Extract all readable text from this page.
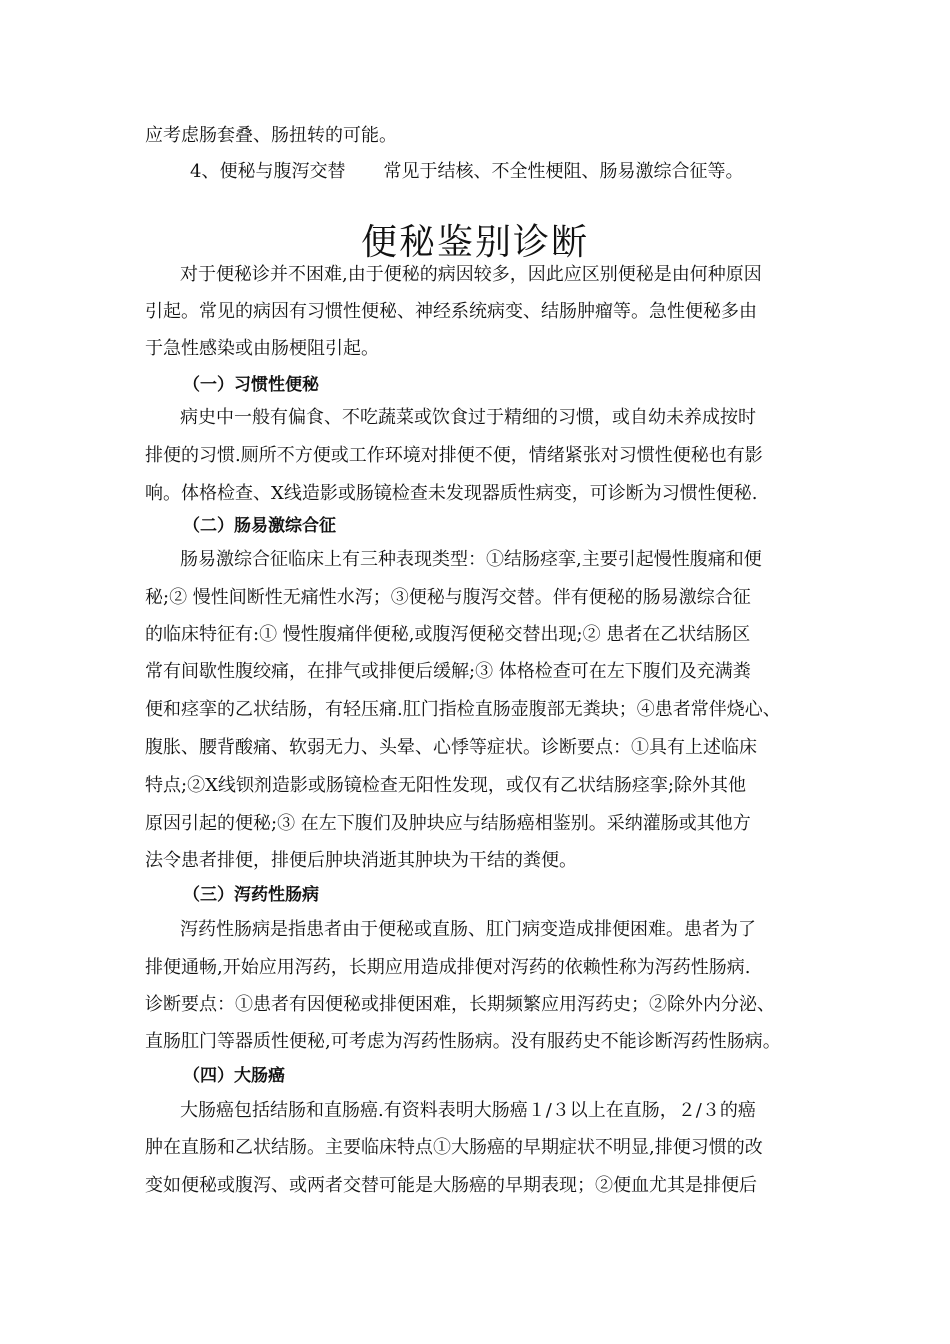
应考虑肠套叠、肠扭转的可能。
4、便秘与腹泻交替 常见于结核、不全性梗阻、肠易激综合征等。
便秘鉴别诊断
对于便秘诊并不困难,由于便秘的病因较多，因此应区别便秘是由何种原因
引起。常见的病因有习惯性便秘、神经系统病变、结肠肿瘤等。急性便秘多由
于急性感染或由肠梗阻引起。
（一）习惯性便秘
病史中一般有偏食、不吃蔬菜或饮食过于精细的习惯，或自幼未养成按时
排便的习惯.厕所不方便或工作环境对排便不便，情绪紧张对习惯性便秘也有影
响。体格检查、X线造影或肠镜检查未发现器质性病变，可诊断为习惯性便秘.
（二）肠易激综合征
肠易激综合征临床上有三种表现类型：①结肠痉挛,主要引起慢性腹痛和便
秘;② 慢性间断性无痛性水泻；③便秘与腹泻交替。伴有便秘的肠易激综合征
的临床特征有:① 慢性腹痛伴便秘,或腹泻便秘交替出现;② 患者在乙状结肠区
常有间歇性腹绞痛，在排气或排便后缓解;③ 体格检查可在左下腹们及充满粪
便和痉挛的乙状结肠，有轻压痛.肛门指检直肠壶腹部无粪块；④患者常伴烧心、
腹胀、腰背酸痛、软弱无力、头晕、心悸等症状。诊断要点：①具有上述临床
特点;②X线钡剂造影或肠镜检查无阳性发现，或仅有乙状结肠痉挛;除外其他
原因引起的便秘;③ 在左下腹们及肿块应与结肠癌相鉴别。采纳灌肠或其他方
法令患者排便，排便后肿块消逝其肿块为干结的粪便。
（三）泻药性肠病
泻药性肠病是指患者由于便秘或直肠、肛门病变造成排便困难。患者为了
排便通畅,开始应用泻药，长期应用造成排便对泻药的依赖性称为泻药性肠病.
诊断要点：①患者有因便秘或排便困难，长期频繁应用泻药史；②除外内分泌、
直肠肛门等器质性便秘,可考虑为泻药性肠病。没有服药史不能诊断泻药性肠病。
（四）大肠癌
大肠癌包括结肠和直肠癌.有资料表明大肠癌１/３以上在直肠，２/３的癌
肿在直肠和乙状结肠。主要临床特点①大肠癌的早期症状不明显,排便习惯的改
变如便秘或腹泻、或两者交替可能是大肠癌的早期表现；②便血尤其是排便后
